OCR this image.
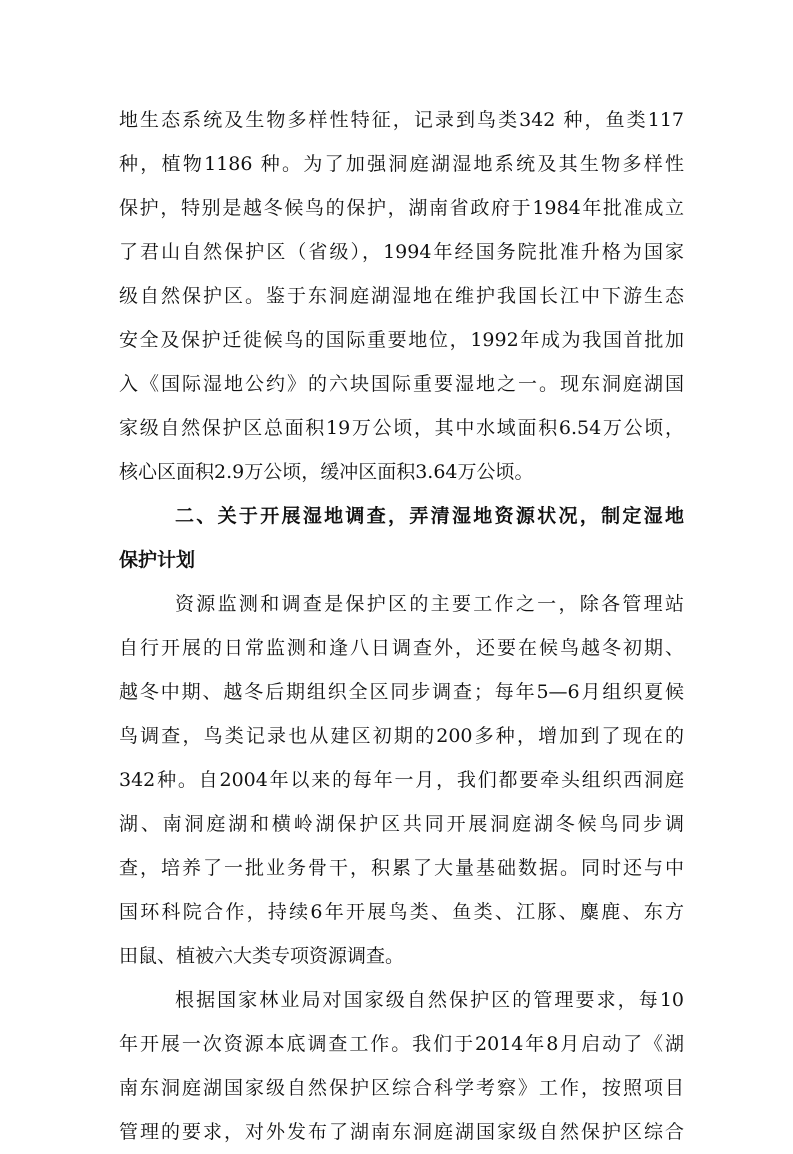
地生态系统及生物多样性特征，记录到鸟类342 种，鱼类117
种，植物1186 种。为了加强洞庭湖湿地系统及其生物多样性
保护，特别是越冬候鸟的保护，湖南省政府于1984年批准成立
了君山自然保护区（省级），1994年经国务院批准升格为国家
级自然保护区。鉴于东洞庭湖湿地在维护我国长江中下游生态
安全及保护迁徙候鸟的国际重要地位，1992年成为我国首批加
入《国际湿地公约》的六块国际重要湿地之一。现东洞庭湖国
家级自然保护区总面积19万公顷，其中水域面积6.54万公顷，
核心区面积2.9万公顷，缓冲区面积3.64万公顷。
二、关于开展湿地调查，弄清湿地资源状况，制定湿地
保护计划
资源监测和调查是保护区的主要工作之一，除各管理站
自行开展的日常监测和逢八日调查外，还要在候鸟越冬初期、
越冬中期、越冬后期组织全区同步调查；每年5—6月组织夏候
鸟调查，鸟类记录也从建区初期的200多种，增加到了现在的
342种。自2004年以来的每年一月，我们都要牵头组织西洞庭
湖、南洞庭湖和横岭湖保护区共同开展洞庭湖冬候鸟同步调
查，培养了一批业务骨干，积累了大量基础数据。同时还与中
国环科院合作，持续6年开展鸟类、鱼类、江豚、麋鹿、东方
田鼠、植被六大类专项资源调查。
根据国家林业局对国家级自然保护区的管理要求，每10
年开展一次资源本底调查工作。我们于2014年8月启动了《湖
南东洞庭湖国家级自然保护区综合科学考察》工作，按照项目
管理的要求，对外发布了湖南东洞庭湖国家级自然保护区综合
